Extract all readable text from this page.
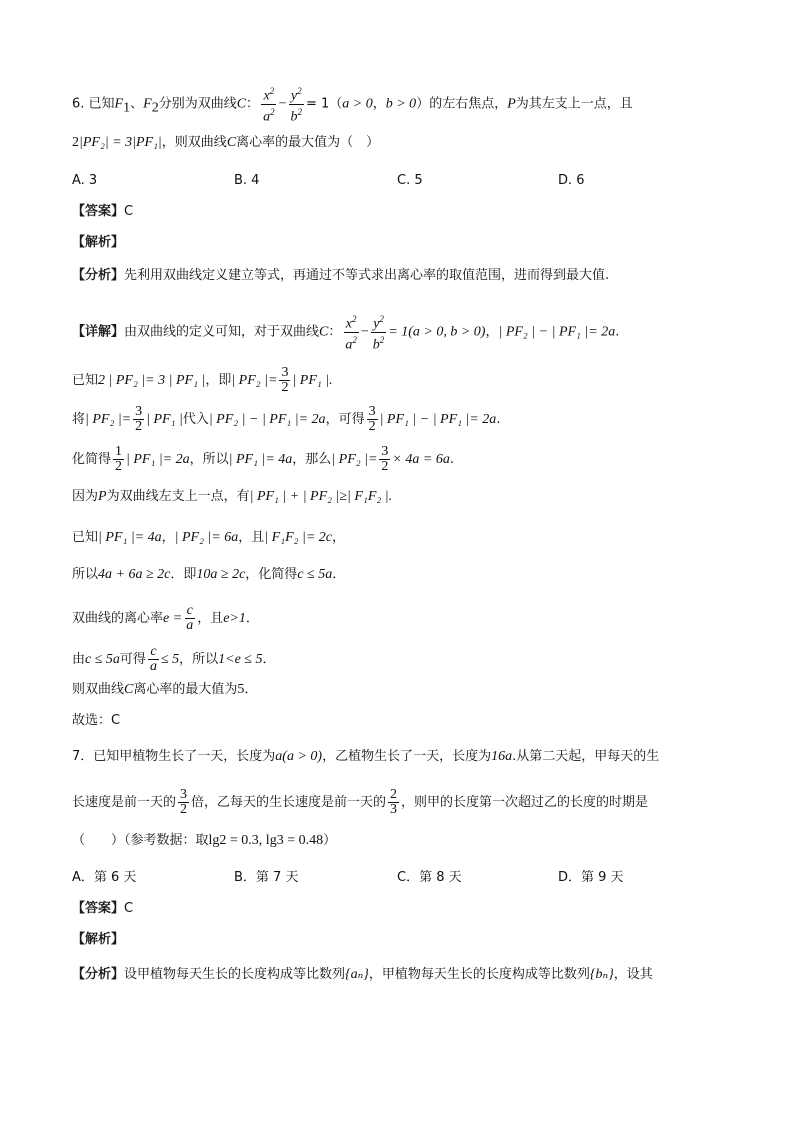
6. 已知$F_1$、$F_2$分别为双曲线C： $\frac{x^2}{a^2} - \frac{y^2}{b^2} = 1(a > 0$，b > 0）的左右焦点，P为其左支上一点，且
2|PF₂| = 3|PF₁|，则双曲线C离心率的最大值为（　）
A. 3	B. 4	C. 5	D. 6
【答案】C
【解析】
【分析】先利用双曲线定义建立等式，再通过不等式求出离心率的取值范围，进而得到最大值.
【详解】由双曲线的定义可知，对于双曲线C： $\frac{x^2}{a^2} - \frac{y^2}{b^2} = 1(a > 0$, b > 0)，| PF₂ | − | PF₁ |= 2a.
已知2 | PF₂ |= 3 | PF₁ |，即| PF₂ |= $\frac{3}{2}$ | PF₁ |.
将| PF₂ |= $\frac{3}{2}$ | PF₁ |代入| PF₂ | − | PF₁ |= 2a，可得 $\frac{3}{2}$ | PF₁ | − | PF₁ |= 2a.
化简得 $\frac{1}{2}$ | PF₁ |= 2a，所以| PF₁ |= 4a，那么| PF₂ |= $\frac{3}{2} \times 4a = 6a$.
因为P为双曲线左支上一点，有| PF₁ | + | PF₂ |≥| F₁F₂ |.
已知| PF₁ |= 4a，| PF₂ |= 6a，且| F₁F₂ |= 2c，
所以4a + 6a ≥ 2c．即10a ≥ 2c，化简得c ≤ 5a．
双曲线的离心率$e = \frac{c}{a}$ ，且e>1．
由c ≤ 5a可得 $\frac{c}{a} \le 5$，所以1<e ≤ 5．
则双曲线C离心率的最大值为5．
故选：C
7．已知甲植物生长了一天，长度为a(a > 0)，乙植物生长了一天，长度为16a.从第二天起，甲每天的生
长速度是前一天的 $\frac{3}{2}$ 倍，乙每天的生长速度是前一天的 $\frac{2}{3}$ ，则甲的长度第一次超过乙的长度的时期是
（　　）（参考数据：取lg2 = 0.3, lg3 = 0.48）
A．第 6 天	B．第 7 天	C．第 8 天	D．第 9 天
【答案】C
【解析】
【分析】设甲植物每天生长的长度构成等比数列{aₙ}，甲植物每天生长的长度构成等比数列{bₙ}，设其
